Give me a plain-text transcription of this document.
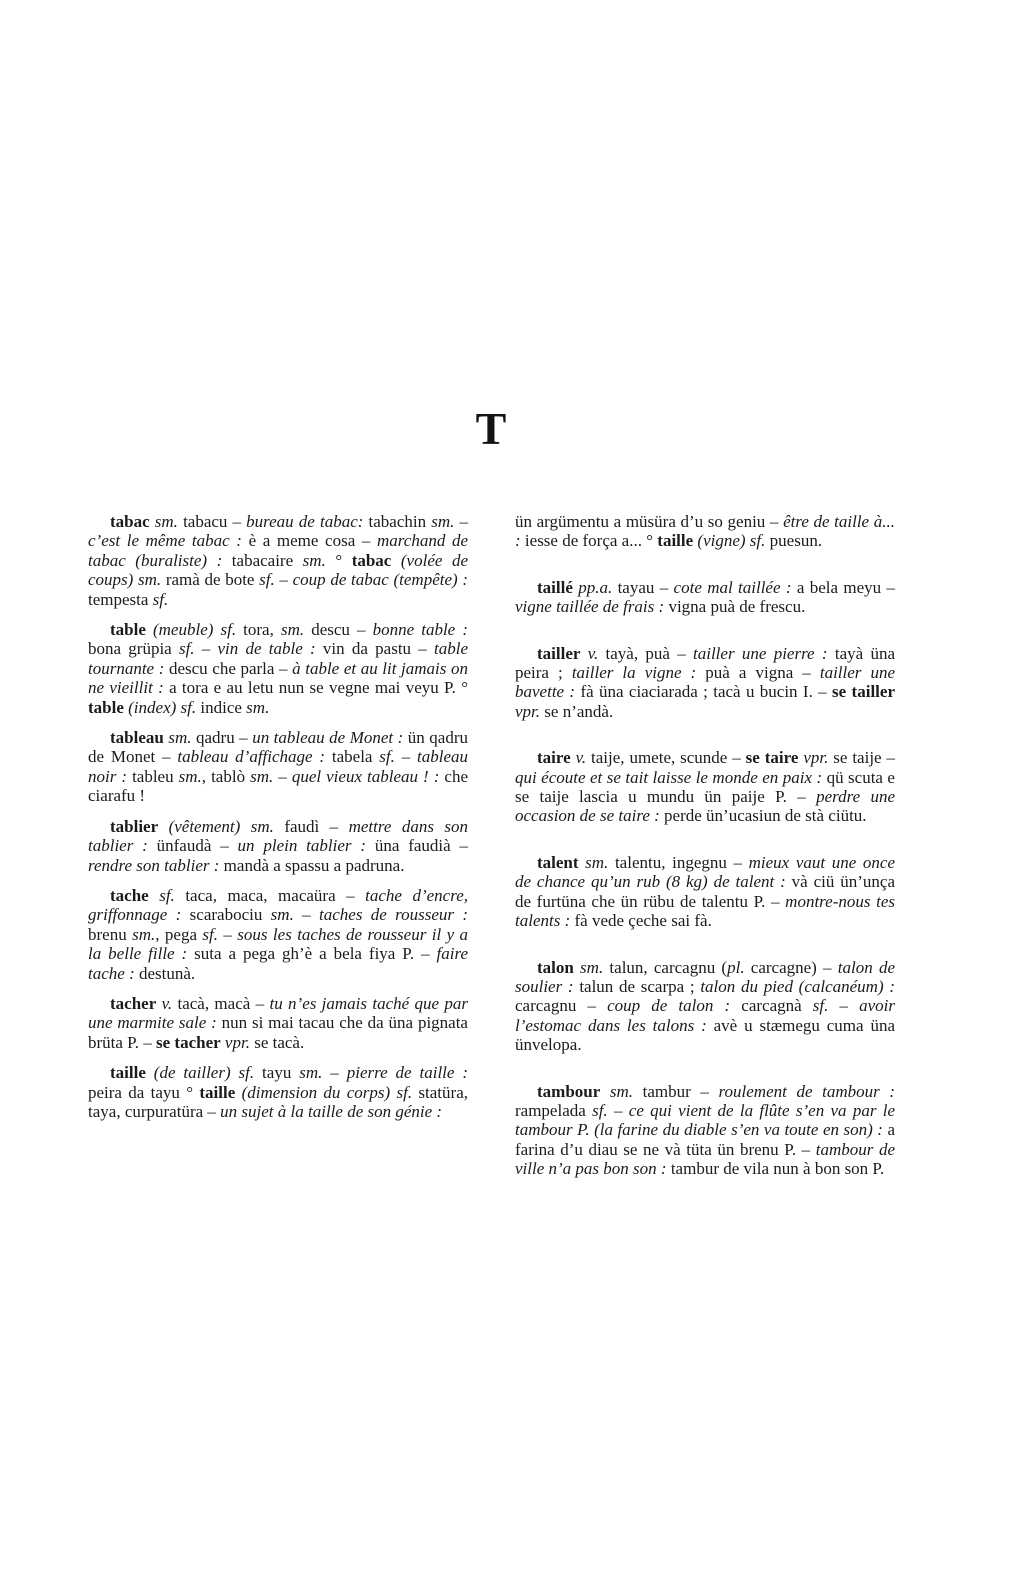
T

tabac sm. tabacu – bureau de tabac: tabachin sm. – c’est le même tabac : è a meme cosa – marchand de tabac (buraliste) : tabacaire sm. ° tabac (volée de coups) sm. ramà de bote sf. – coup de tabac (tempête) : tempesta sf.

table (meuble) sf. tora, sm. descu – bonne table : bona grüpia sf. – vin de table : vin da pastu – table tournante : descu che parla – à table et au lit jamais on ne vieillit : a tora e au letu nun se vegne mai veyu P. ° table (index) sf. indice sm.

tableau sm. qadru – un tableau de Monet : ün qadru de Monet – tableau d’affichage : tabela sf. – tableau noir : tableu sm., tablò sm. – quel vieux tableau ! : che ciarafu !

tablier (vêtement) sm. faudì – mettre dans son tablier : ünfaudà – un plein tablier : üna faudià – rendre son tablier : mandà a spassu a padruna.

tache sf. taca, maca, macaüra – tache d’encre, griffonnage : scarabociu sm. – taches de rousseur : brenu sm., pega sf. – sous les taches de rousseur il y a la belle fille : suta a pega gh’è a bela fiya P. – faire tache : destunà.

tacher v. tacà, macà – tu n’es jamais taché que par une marmite sale : nun si mai tacau che da üna pignata brüta P. – se tacher vpr. se tacà.

taille (de tailler) sf. tayu sm. – pierre de taille : peira da tayu ° taille (dimension du corps) sf. statüra, taya, curpuratüra – un sujet à la taille de son génie :

ün argümentu a müsüra d’u so geniu – être de taille à... : iesse de força a... ° taille (vigne) sf. puesun.

taillé pp.a. tayau – cote mal taillée : a bela meyu – vigne taillée de frais : vigna puà de frescu.

tailler v. tayà, puà – tailler une pierre : tayà üna peira ; tailler la vigne : puà a vigna – tailler une bavette : fà üna ciaciarada ; tacà u bucin I. – se tailler vpr. se n’andà.

taire v. taije, umete, scunde – se taire vpr. se taije – qui écoute et se tait laisse le monde en paix : qü scuta e se taije lascia u mundu ün paije P. – perdre une occasion de se taire : perde ün’ucasiun de stà ciütu.

talent sm. talentu, ingegnu – mieux vaut une once de chance qu’un rub (8 kg) de talent : và ciü ün’unça de furtüna che ün rübu de talentu P. – montre-nous tes talents : fà vede çeche sai fà.

talon sm. talun, carcagnu (pl. carcagne) – talon de soulier : talun de scarpa ; talon du pied (calcanéum) : carcagnu – coup de talon : carcagnà sf. – avoir l’estomac dans les talons : avè u stæmegu cuma üna ünvelopa.

tambour sm. tambur – roulement de tambour : rampelada sf. – ce qui vient de la flûte s’en va par le tambour P. (la farine du diable s’en va toute en son) : a farina d’u diau se ne và tüta ün brenu P. – tambour de ville n’a pas bon son : tambur de vila nun à bon son P.
